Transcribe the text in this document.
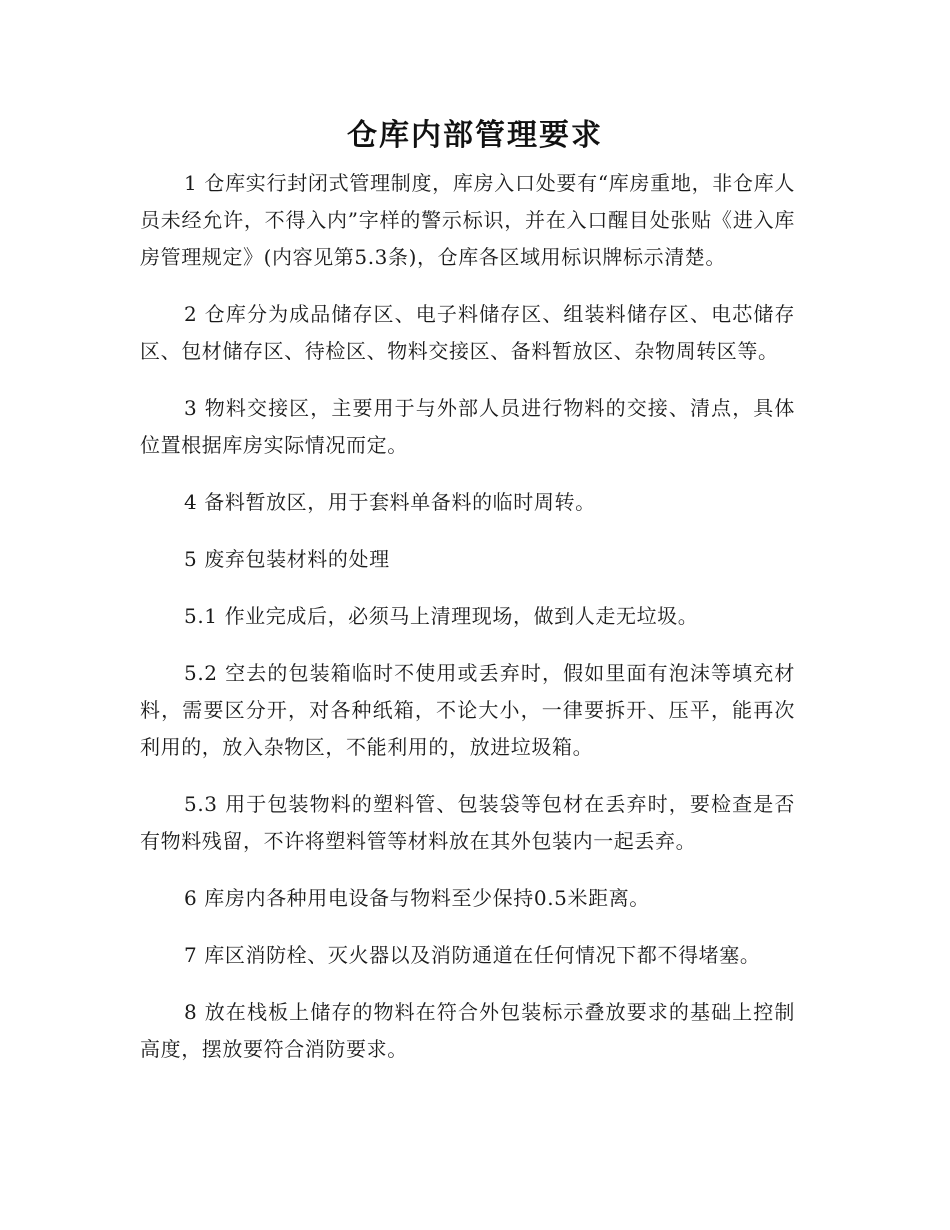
仓库内部管理要求

1 仓库实行封闭式管理制度，库房入口处要有“库房重地，非仓库人员未经允许，不得入内”字样的警示标识，并在入口醒目处张贴《进入库房管理规定》(内容见第5.3条)，仓库各区域用标识牌标示清楚。

2 仓库分为成品储存区、电子料储存区、组装料储存区、电芯储存区、包材储存区、待检区、物料交接区、备料暂放区、杂物周转区等。

3 物料交接区，主要用于与外部人员进行物料的交接、清点，具体位置根据库房实际情况而定。

4 备料暂放区，用于套料单备料的临时周转。

5 废弃包装材料的处理

5.1 作业完成后，必须马上清理现场，做到人走无垃圾。

5.2 空去的包装箱临时不使用或丢弃时，假如里面有泡沫等填充材料，需要区分开，对各种纸箱，不论大小，一律要拆开、压平，能再次利用的，放入杂物区，不能利用的，放进垃圾箱。

5.3 用于包装物料的塑料管、包装袋等包材在丢弃时，要检查是否有物料残留，不许将塑料管等材料放在其外包装内一起丢弃。

6 库房内各种用电设备与物料至少保持0.5米距离。

7 库区消防栓、灭火器以及消防通道在任何情况下都不得堵塞。

8 放在栈板上储存的物料在符合外包装标示叠放要求的基础上控制高度，摆放要符合消防要求。
